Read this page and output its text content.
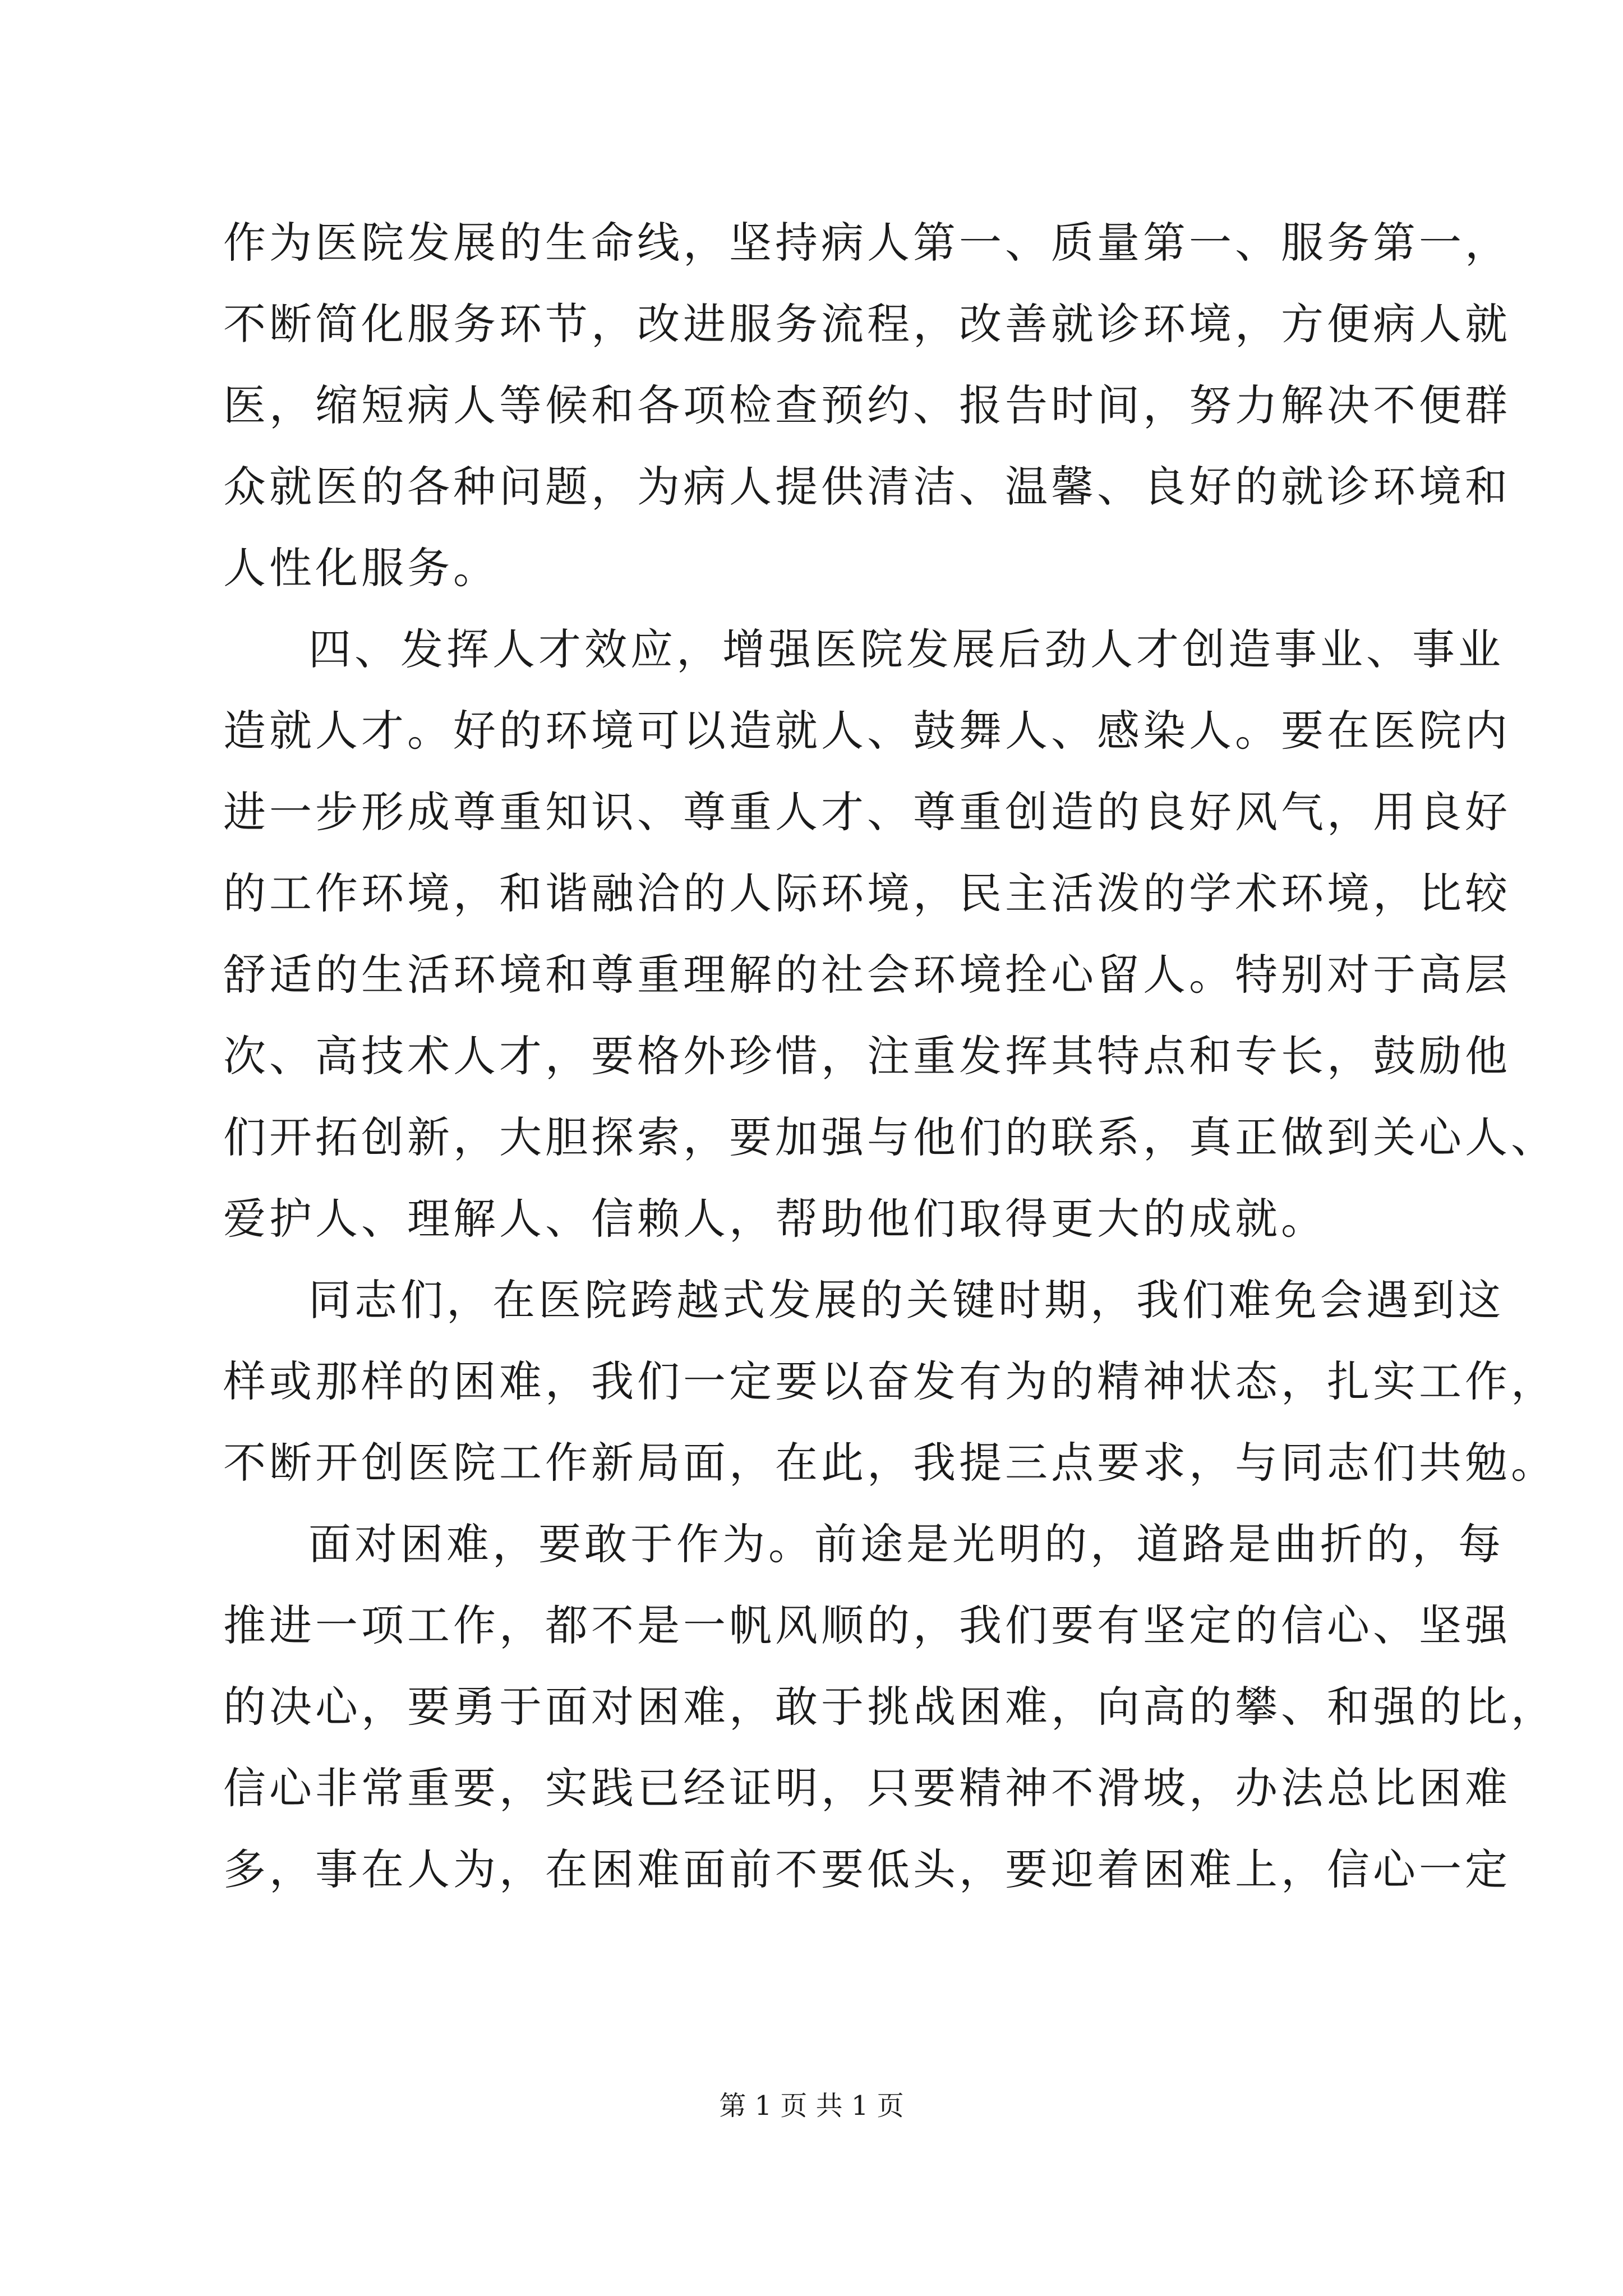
作为医院发展的生命线，坚持病人第一、质量第一、服务第一，
不断简化服务环节，改进服务流程，改善就诊环境，方便病人就
医，缩短病人等候和各项检查预约、报告时间，努力解决不便群
众就医的各种问题，为病人提供清洁、温馨、良好的就诊环境和
人性化服务。
四、发挥人才效应，增强医院发展后劲人才创造事业、事业
造就人才。好的环境可以造就人、鼓舞人、感染人。要在医院内
进一步形成尊重知识、尊重人才、尊重创造的良好风气，用良好
的工作环境，和谐融洽的人际环境，民主活泼的学术环境，比较
舒适的生活环境和尊重理解的社会环境拴心留人。特别对于高层
次、高技术人才，要格外珍惜，注重发挥其特点和专长，鼓励他
们开拓创新，大胆探索，要加强与他们的联系，真正做到关心人、
爱护人、理解人、信赖人，帮助他们取得更大的成就。
同志们，在医院跨越式发展的关键时期，我们难免会遇到这
样或那样的困难，我们一定要以奋发有为的精神状态，扎实工作，
不断开创医院工作新局面，在此，我提三点要求，与同志们共勉。
面对困难，要敢于作为。前途是光明的，道路是曲折的，每
推进一项工作，都不是一帆风顺的，我们要有坚定的信心、坚强
的决心，要勇于面对困难，敢于挑战困难，向高的攀、和强的比，
信心非常重要，实践已经证明，只要精神不滑坡，办法总比困难
多，事在人为，在困难面前不要低头，要迎着困难上，信心一定
第 1 页 共 1 页
